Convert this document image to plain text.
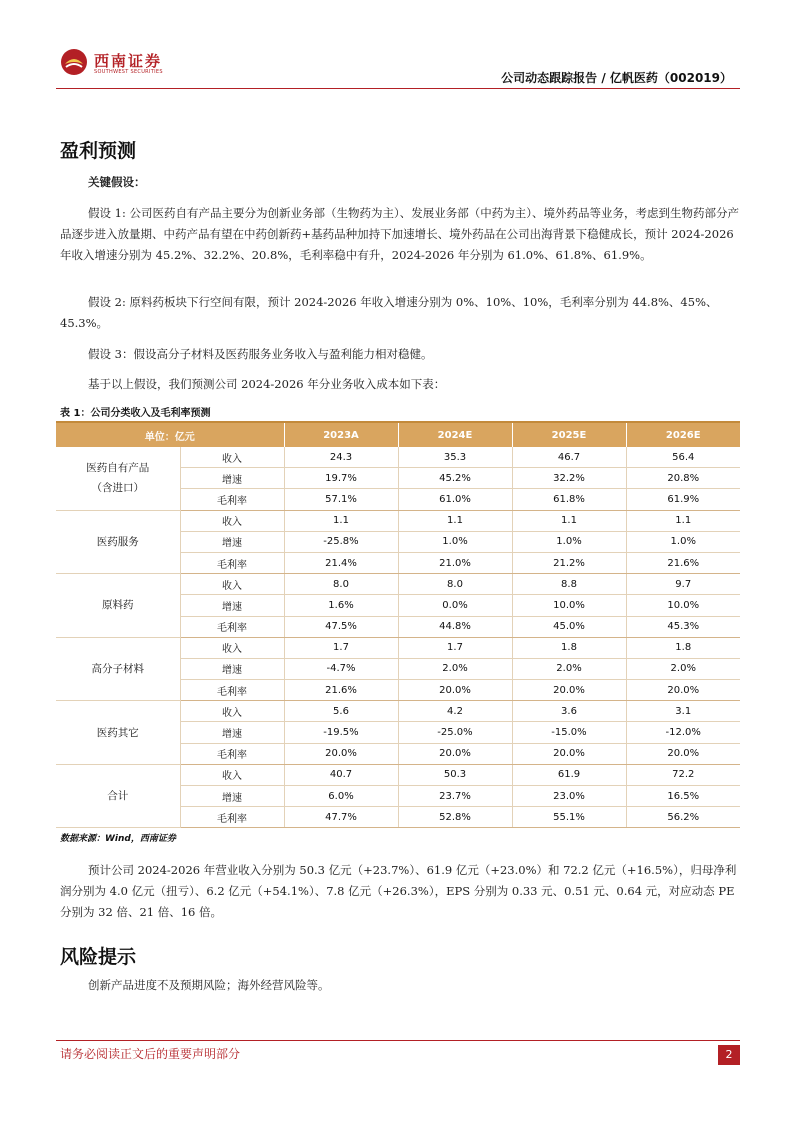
西南证券
SOUTHWEST SECURITIES	公司动态跟踪报告 / 亿帆医药（002019）
盈利预测
关键假设：
假设 1: 公司医药自有产品主要分为创新业务部（生物药为主）、发展业务部（中药为主）、境外药品等业务，考虑到生物药部分产品逐步进入放量期、中药产品有望在中药创新药+基药品种加持下加速增长、境外药品在公司出海背景下稳健成长，预计 2024-2026 年收入增速分别为 45.2%、32.2%、20.8%，毛利率稳中有升，2024-2026 年分别为 61.0%、61.8%、61.9%。
假设 2: 原料药板块下行空间有限，预计 2024-2026 年收入增速分别为 0%、10%、10%，毛利率分别为 44.8%、45%、45.3%。
假设 3：假设高分子材料及医药服务业务收入与盈利能力相对稳健。
基于以上假设，我们预测公司 2024-2026 年分业务收入成本如下表：
表 1：公司分类收入及毛利率预测
单位：亿元		2023A	2024E	2025E	2026E
医药自有产品
（含进口）	收入	24.3	35.3	46.7	56.4
	增速	19.7%	45.2%	32.2%	20.8%
	毛利率	57.1%	61.0%	61.8%	61.9%
医药服务	收入	1.1	1.1	1.1	1.1
	增速	-25.8%	1.0%	1.0%	1.0%
	毛利率	21.4%	21.0%	21.2%	21.6%
原料药	收入	8.0	8.0	8.8	9.7
	增速	1.6%	0.0%	10.0%	10.0%
	毛利率	47.5%	44.8%	45.0%	45.3%
高分子材料	收入	1.7	1.7	1.8	1.8
	增速	-4.7%	2.0%	2.0%	2.0%
	毛利率	21.6%	20.0%	20.0%	20.0%
医药其它	收入	5.6	4.2	3.6	3.1
	增速	-19.5%	-25.0%	-15.0%	-12.0%
	毛利率	20.0%	20.0%	20.0%	20.0%
合计	收入	40.7	50.3	61.9	72.2
	增速	6.0%	23.7%	23.0%	16.5%
	毛利率	47.7%	52.8%	55.1%	56.2%
数据来源：Wind，西南证券
预计公司 2024-2026 年营业收入分别为 50.3 亿元（+23.7%）、61.9 亿元（+23.0%）和 72.2 亿元（+16.5%），归母净利润分别为 4.0 亿元（扭亏）、6.2 亿元（+54.1%）、7.8 亿元（+26.3%），EPS 分别为 0.33 元、0.51 元、0.64 元，对应动态 PE 分别为 32 倍、21 倍、16 倍。
风险提示
创新产品进度不及预期风险；海外经营风险等。
请务必阅读正文后的重要声明部分	2
